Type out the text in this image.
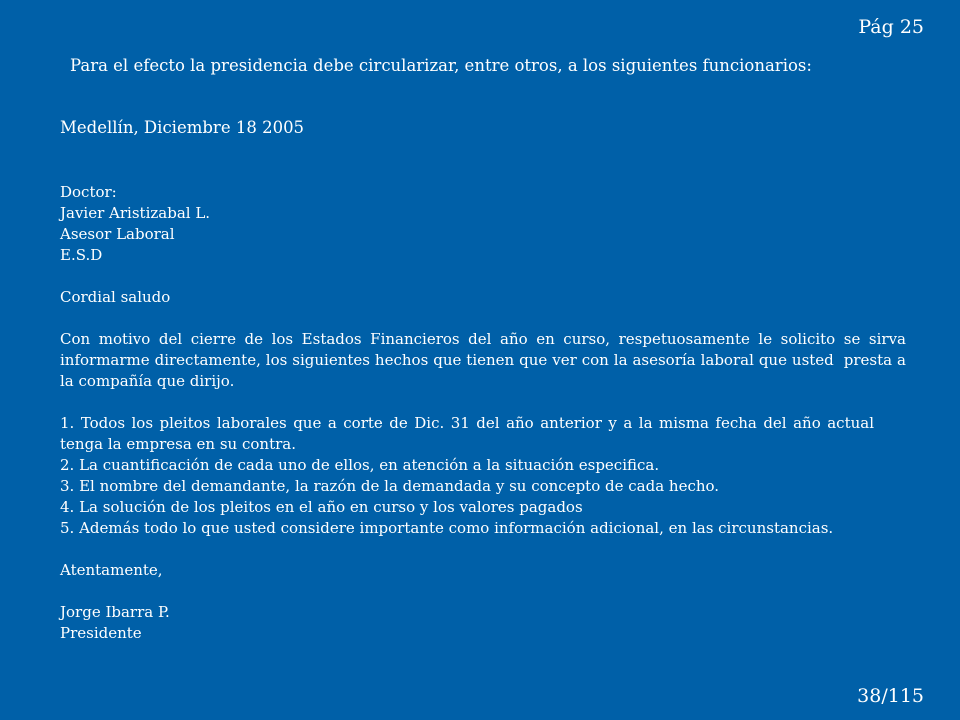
Pág 25
Para el efecto la presidencia debe circularizar, entre otros, a los siguientes funcionarios:
Medellín, Diciembre 18 2005
Doctor:
Javier Aristizabal L.
Asesor Laboral
E.S.D
Cordial saludo
Con motivo del cierre de los Estados Financieros del año en curso, respetuosamente le solicito se sirva informarme directamente, los siguientes hechos que tienen que ver con la asesoría laboral que usted presta a la compañía que dirijo.
1. Todos los pleitos laborales que a corte de Dic. 31 del año anterior y a la misma fecha del año actualtenga la empresa en su contra.
2. La cuantificación de cada uno de ellos, en atención a la situación especifica.
3. El nombre del demandante, la razón de la demandada y su concepto de cada hecho.
4. La solución de los pleitos en el año en curso y los valores pagados
5. Además todo lo que usted considere importante como información adicional, en las circunstancias.
Atentamente,
Jorge Ibarra P.
Presidente
38/115
